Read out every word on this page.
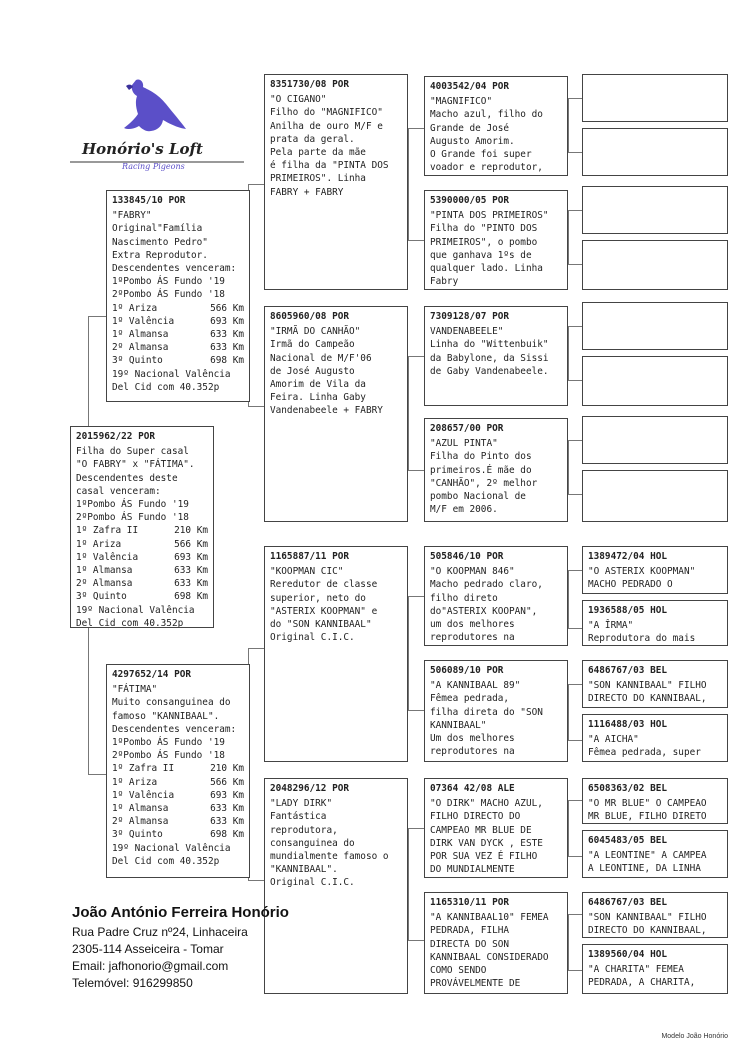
Honório's Loft
Racing Pigeons
133845/10 POR
"FABRY"
Original"Família
Nascimento Pedro"
Extra Reprodutor.
Descendentes venceram:
1ºPombo ÁS Fundo '19
2ºPombo ÁS Fundo '18
1º Ariza	566 Km
1º Valência	693 Km
1º Almansa	633 Km
2º Almansa	633 Km
3º Quinto	698 Km
19º Nacional Valência
Del Cid com 40.352p
2015962/22 POR
Filha do Super casal
"O FABRY" x "FÁTIMA".
Descendentes deste
casal venceram:
1ºPombo ÁS Fundo '19
2ºPombo ÁS Fundo '18
1º Zafra II	210 Km
1º Ariza	566 Km
1º Valência	693 Km
1º Almansa	633 Km
2º Almansa	633 Km
3º Quinto	698 Km
19º Nacional Valência
Del Cid com 40.352p
4297652/14 POR
"FÁTIMA"
Muito consanguinea do
famoso "KANNIBAAL".
Descendentes venceram:
1ºPombo ÁS Fundo '19
2ºPombo ÁS Fundo '18
1º Zafra II	210 Km
1º Ariza	566 Km
1º Valência	693 Km
1º Almansa	633 Km
2º Almansa	633 Km
3º Quinto	698 Km
19º Nacional Valência
Del Cid com 40.352p
8351730/08 POR
"O CIGANO"
Filho do "MAGNIFICO"
Anilha de ouro M/F e
prata da geral.
Pela parte da mãe
é filha da "PINTA DOS
PRIMEIROS". Linha
FABRY + FABRY
8605960/08 POR
"IRMÃ DO CANHÃO"
Irmã do Campeão
Nacional de M/F'06
de José Augusto
Amorim de Vila da
Feira. Linha Gaby
Vandenabeele + FABRY
1165887/11 POR
"KOOPMAN CIC"
Reredutor de classe
superior, neto do
"ASTERIX KOOPMAN" e
do "SON KANNIBAAL"
Original C.I.C.
2048296/12 POR
"LADY DIRK"
Fantástica
reprodutora,
consanguinea do
mundialmente famoso o
"KANNIBAAL".
Original C.I.C.
4003542/04 POR
"MAGNIFICO"
Macho azul, filho do
Grande de José
Augusto Amorim.
O Grande foi super
voador e reprodutor,
5390000/05 POR
"PINTA DOS PRIMEIROS"
Filha do "PINTO DOS
PRIMEIROS", o pombo
que ganhava 1ºs de
qualquer lado. Linha
Fabry
7309128/07 POR
VANDENABEELE"
Linha do "Wittenbuik"
da Babylone, da Sissi
de Gaby Vandenabeele.
208657/00 POR
"AZUL PINTA"
Filha do Pinto dos
primeiros.É mãe do
"CANHÃO", 2º melhor
pombo Nacional de
M/F em 2006.
505846/10 POR
"O KOOPMAN 846"
Macho pedrado claro,
filho direto
do"ASTERIX KOOPAN",
um dos melhores
reprodutores na
506089/10 POR
"A KANNIBAAL 89"
Fêmea pedrada,
filha direta do "SON
KANNIBAAL"
Um dos melhores
reprodutores na
07364 42/08 ALE
"O DIRK" MACHO AZUL,
FILHO DIRECTO DO
CAMPEAO MR BLUE DE
DIRK VAN DYCK , ESTE
POR SUA VEZ É FILHO
DO MUNDIALMENTE
1165310/11 POR
"A KANNIBAAL10" FEMEA
PEDRADA, FILHA
DIRECTA DO SON
KANNIBAAL CONSIDERADO
COMO SENDO
PROVÁVELMENTE DE
1389472/04 HOL
"O ASTERIX KOOPMAN"
MACHO PEDRADO O
1936588/05 HOL
"A ÎRMA"
Reprodutora do mais
6486767/03 BEL
"SON KANNIBAAL" FILHO
DIRECTO DO KANNIBAAL,
1116488/03 HOL
"A AICHA"
Fêmea pedrada, super
6508363/02 BEL
"O MR BLUE" O CAMPEAO
MR BLUE, FILHO DIRETO
6045483/05 BEL
"A LEONTINE" A CAMPEA
A LEONTINE, DA LINHA
6486767/03 BEL
"SON KANNIBAAL" FILHO
DIRECTO DO KANNIBAAL,
1389560/04 HOL
"A CHARITA" FEMEA
PEDRADA, A CHARITA,
João António Ferreira Honório
Rua Padre Cruz nº24, Linhaceira
2305-114 Asseiceira - Tomar
Email: jafhonorio@gmail.com
Telemóvel: 916299850
Modelo João Honório
